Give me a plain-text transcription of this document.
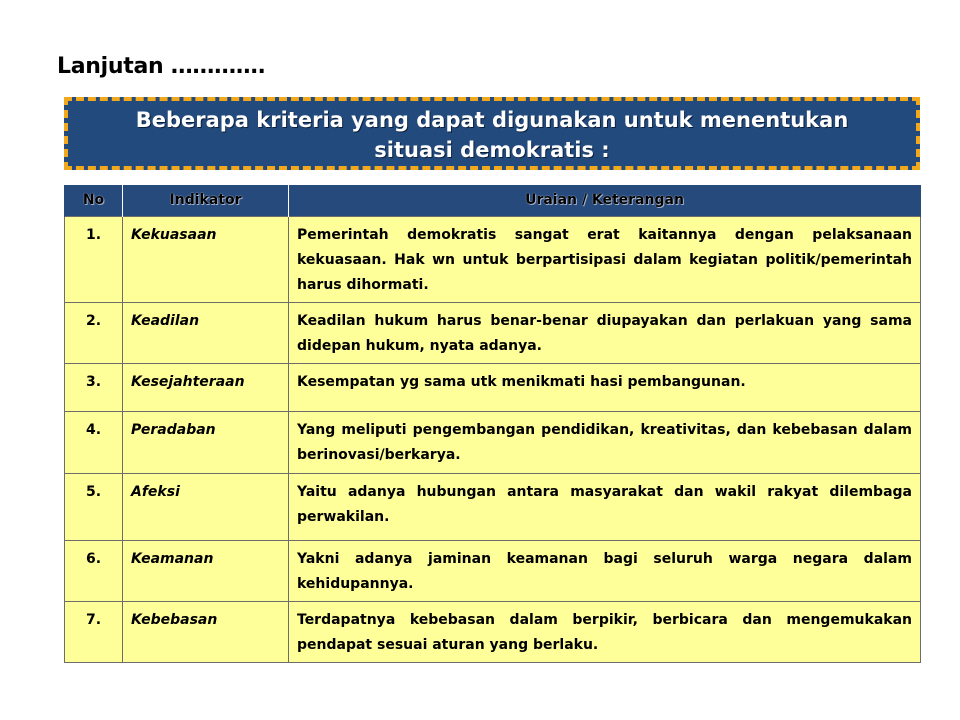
Lanjutan ………….
Beberapa kriteria yang dapat digunakan untuk menentukan
situasi demokratis :
No	Indikator	Uraian / Keterangan
1.	Kekuasaan	Pemerintah demokratis sangat erat kaitannya dengan pelaksanaan kekuasaan. Hak wn untuk berpartisipasi dalam kegiatan politik/pemerintah harus dihormati.
2.	Keadilan	Keadilan hukum harus benar-benar diupayakan dan perlakuan yang sama didepan hukum, nyata adanya.
3.	Kesejahteraan	Kesempatan yg sama utk menikmati hasi pembangunan.
4.	Peradaban	Yang meliputi pengembangan pendidikan, kreativitas, dan kebebasan dalam berinovasi/berkarya.
5.	Afeksi	Yaitu adanya hubungan antara masyarakat dan wakil rakyat dilembaga perwakilan.
6.	Keamanan	Yakni adanya jaminan keamanan bagi seluruh warga negara dalam kehidupannya.
7.	Kebebasan	Terdapatnya kebebasan dalam berpikir, berbicara dan mengemukakan pendapat sesuai aturan yang berlaku.
